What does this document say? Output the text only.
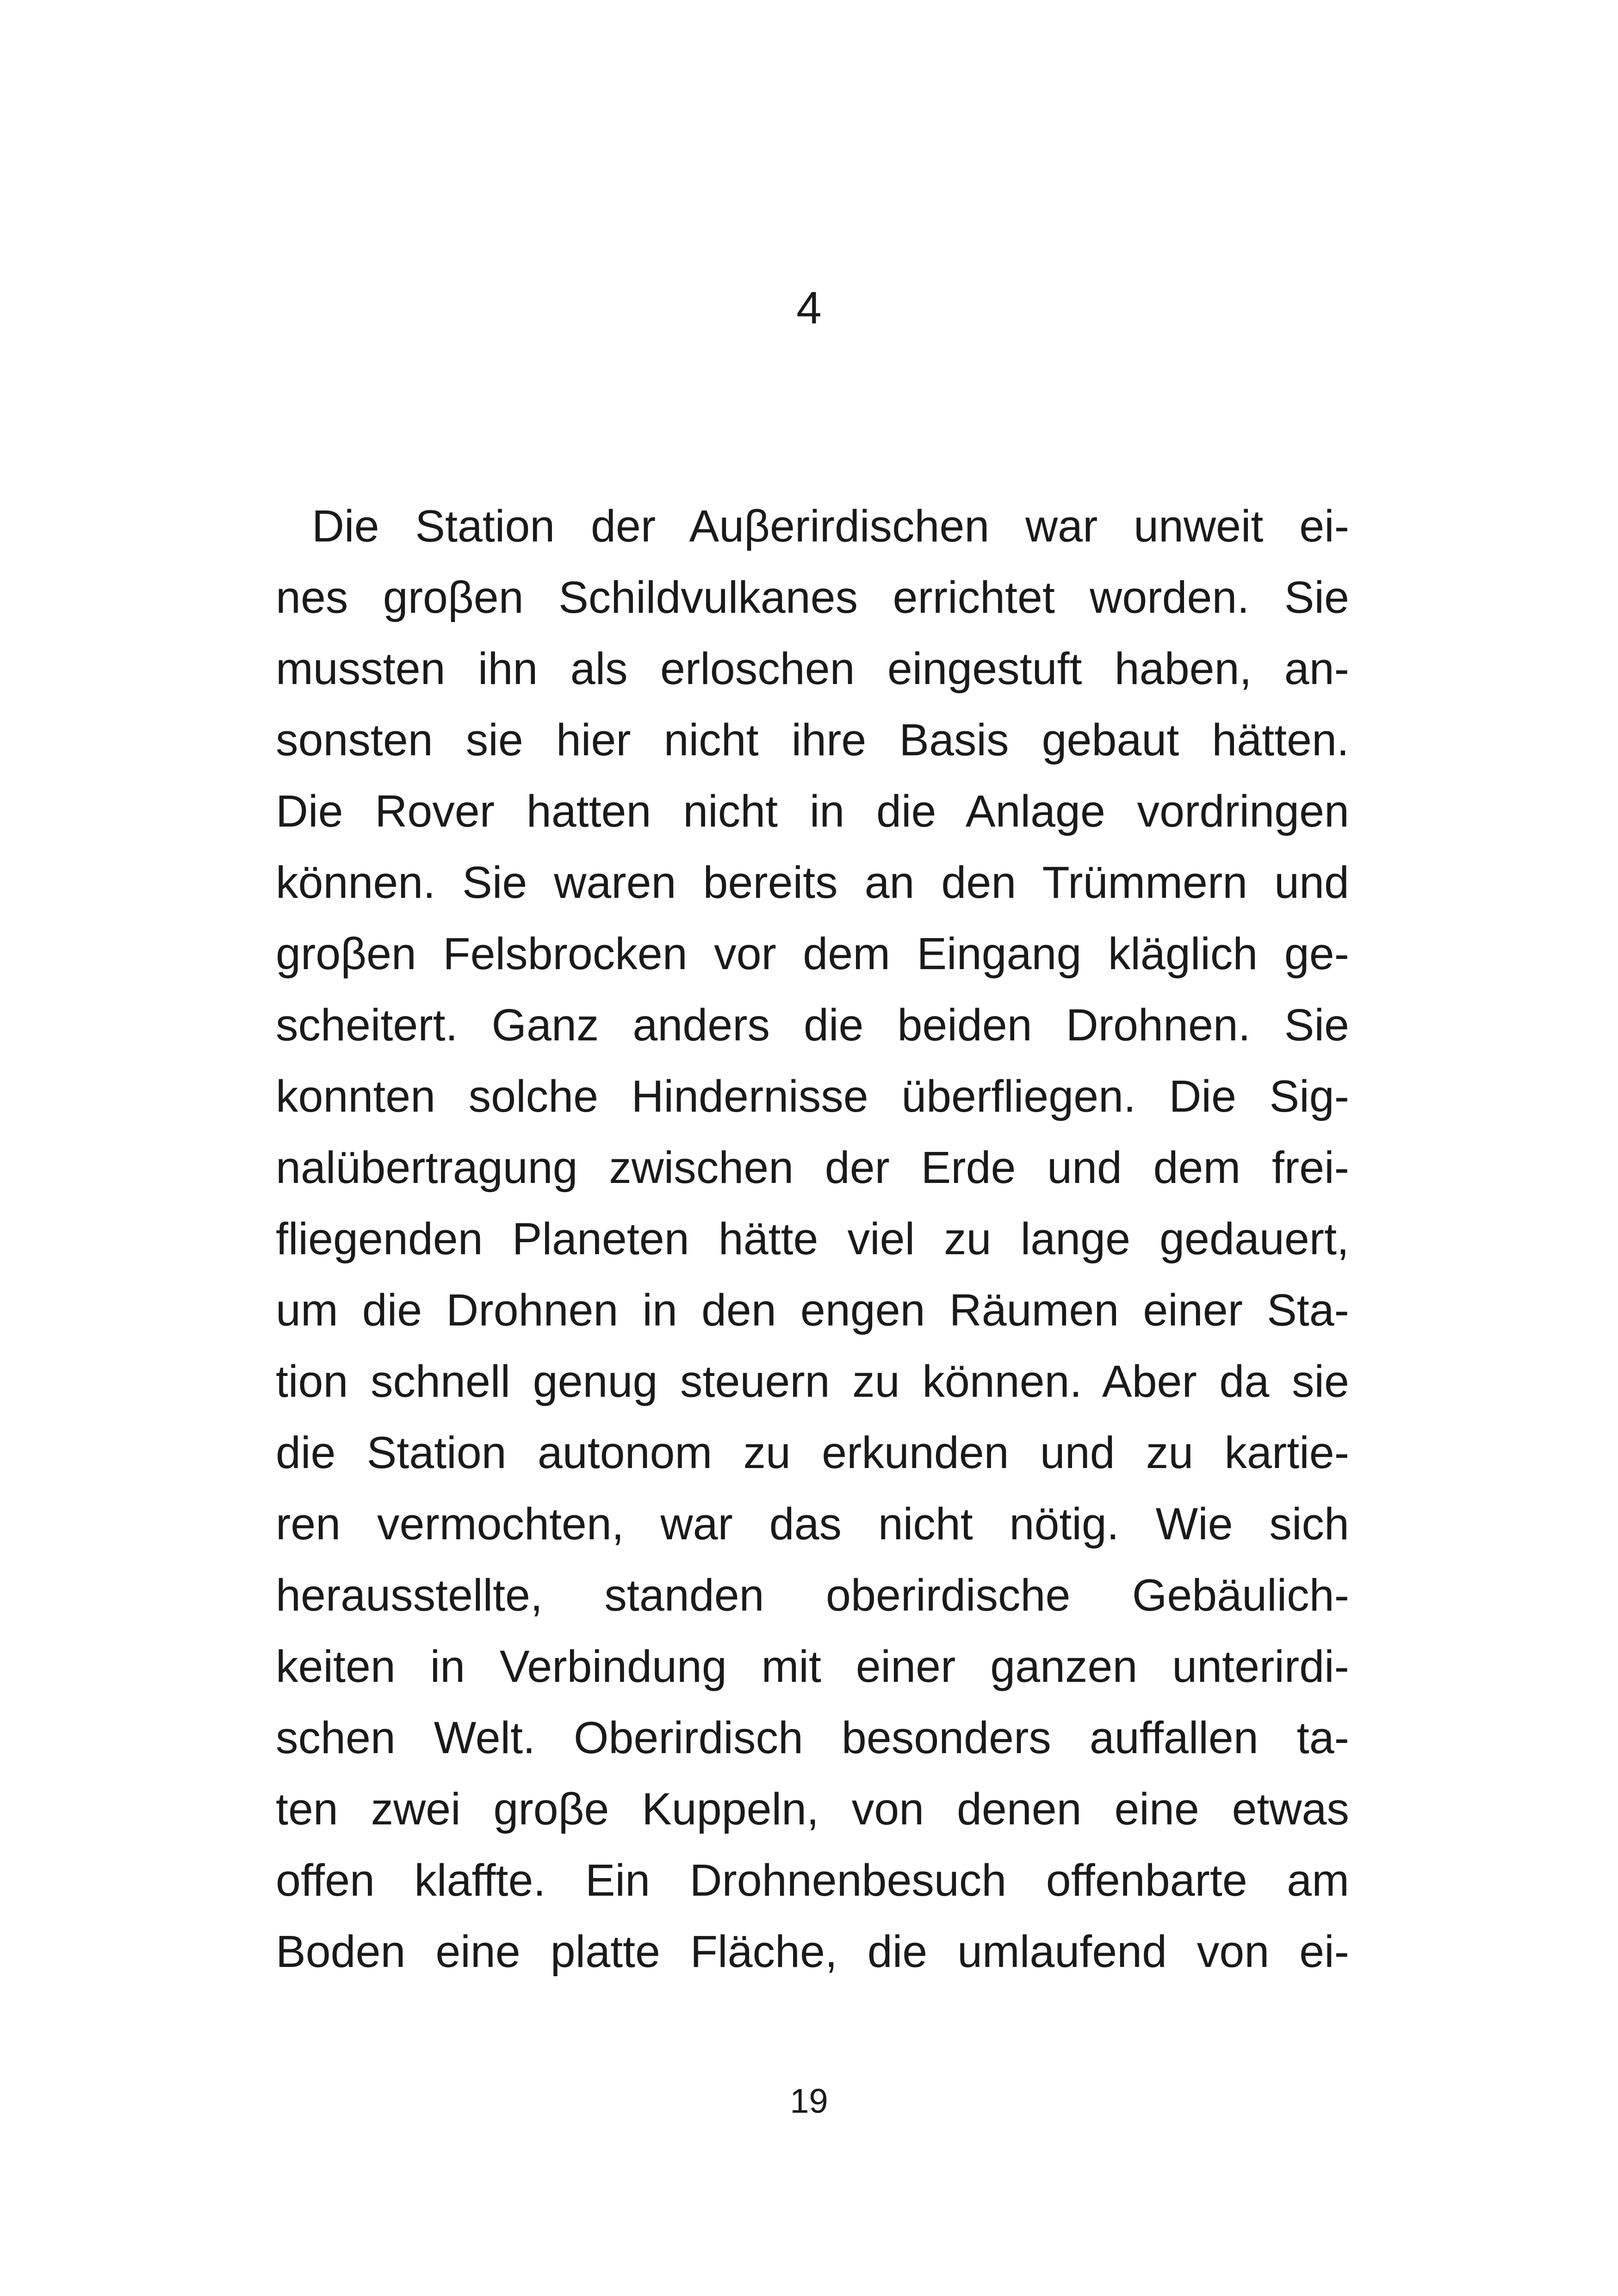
4
Die Station der Auβerirdischen war unweit ei-
nes groβen Schildvulkanes errichtet worden. Sie
mussten ihn als erloschen eingestuft haben, an-
sonsten sie hier nicht ihre Basis gebaut hätten.
Die Rover hatten nicht in die Anlage vordringen
können. Sie waren bereits an den Trümmern und
groβen Felsbrocken vor dem Eingang kläglich ge-
scheitert. Ganz anders die beiden Drohnen. Sie
konnten solche Hindernisse überfliegen. Die Sig-
nalübertragung zwischen der Erde und dem frei-
fliegenden Planeten hätte viel zu lange gedauert,
um die Drohnen in den engen Räumen einer Sta-
tion schnell genug steuern zu können. Aber da sie
die Station autonom zu erkunden und zu kartie-
ren vermochten, war das nicht nötig. Wie sich
herausstellte, standen oberirdische Gebäulich-
keiten in Verbindung mit einer ganzen unterirdi-
schen Welt. Oberirdisch besonders auffallen ta-
ten zwei groβe Kuppeln, von denen eine etwas
offen klaffte. Ein Drohnenbesuch offenbarte am
Boden eine platte Fläche, die umlaufend von ei-
19
